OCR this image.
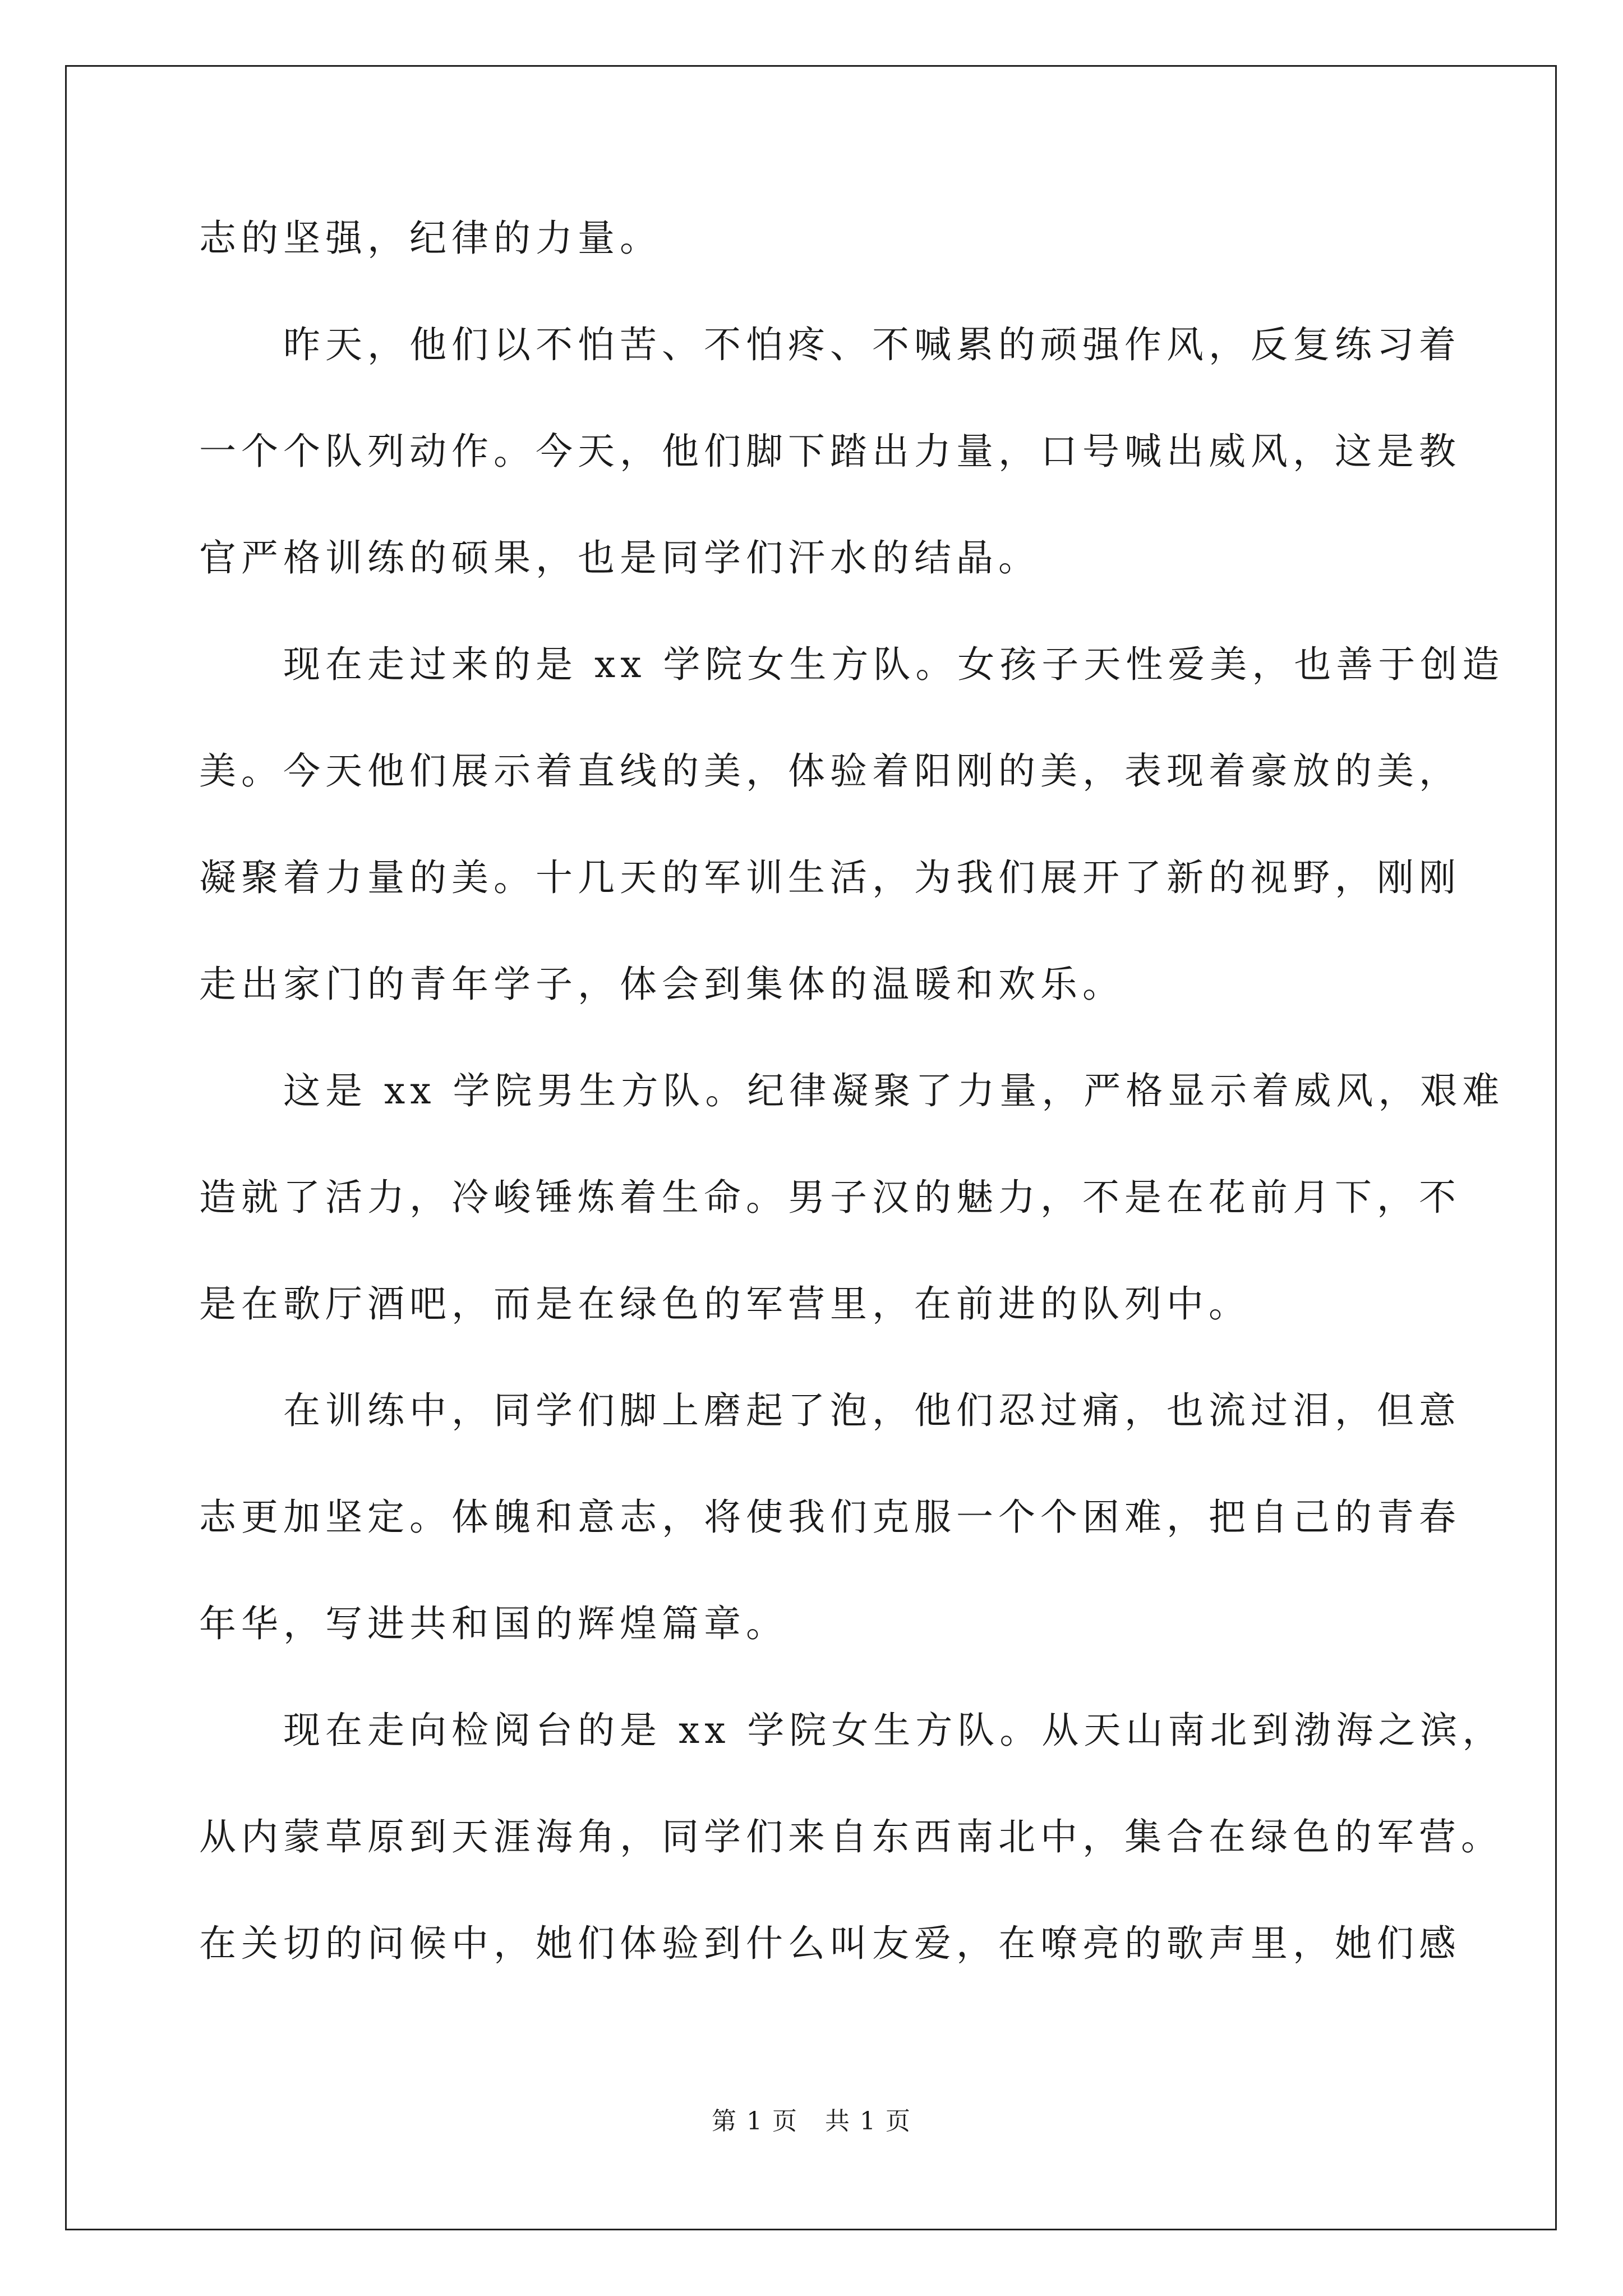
志的坚强，纪律的力量。
昨天，他们以不怕苦、不怕疼、不喊累的顽强作风，反复练习着
一个个队列动作。今天，他们脚下踏出力量，口号喊出威风，这是教
官严格训练的硕果，也是同学们汗水的结晶。
现在走过来的是 xx 学院女生方队。女孩子天性爱美，也善于创造
美。今天他们展示着直线的美，体验着阳刚的美，表现着豪放的美，
凝聚着力量的美。十几天的军训生活，为我们展开了新的视野，刚刚
走出家门的青年学子，体会到集体的温暖和欢乐。
这是 xx 学院男生方队。纪律凝聚了力量，严格显示着威风，艰难
造就了活力，冷峻锤炼着生命。男子汉的魅力，不是在花前月下，不
是在歌厅酒吧，而是在绿色的军营里，在前进的队列中。
在训练中，同学们脚上磨起了泡，他们忍过痛，也流过泪，但意
志更加坚定。体魄和意志，将使我们克服一个个困难，把自己的青春
年华，写进共和国的辉煌篇章。
现在走向检阅台的是 xx 学院女生方队。从天山南北到渤海之滨，
从内蒙草原到天涯海角，同学们来自东西南北中，集合在绿色的军营。
在关切的问候中，她们体验到什么叫友爱，在嘹亮的歌声里，她们感
第 1 页   共 1 页
